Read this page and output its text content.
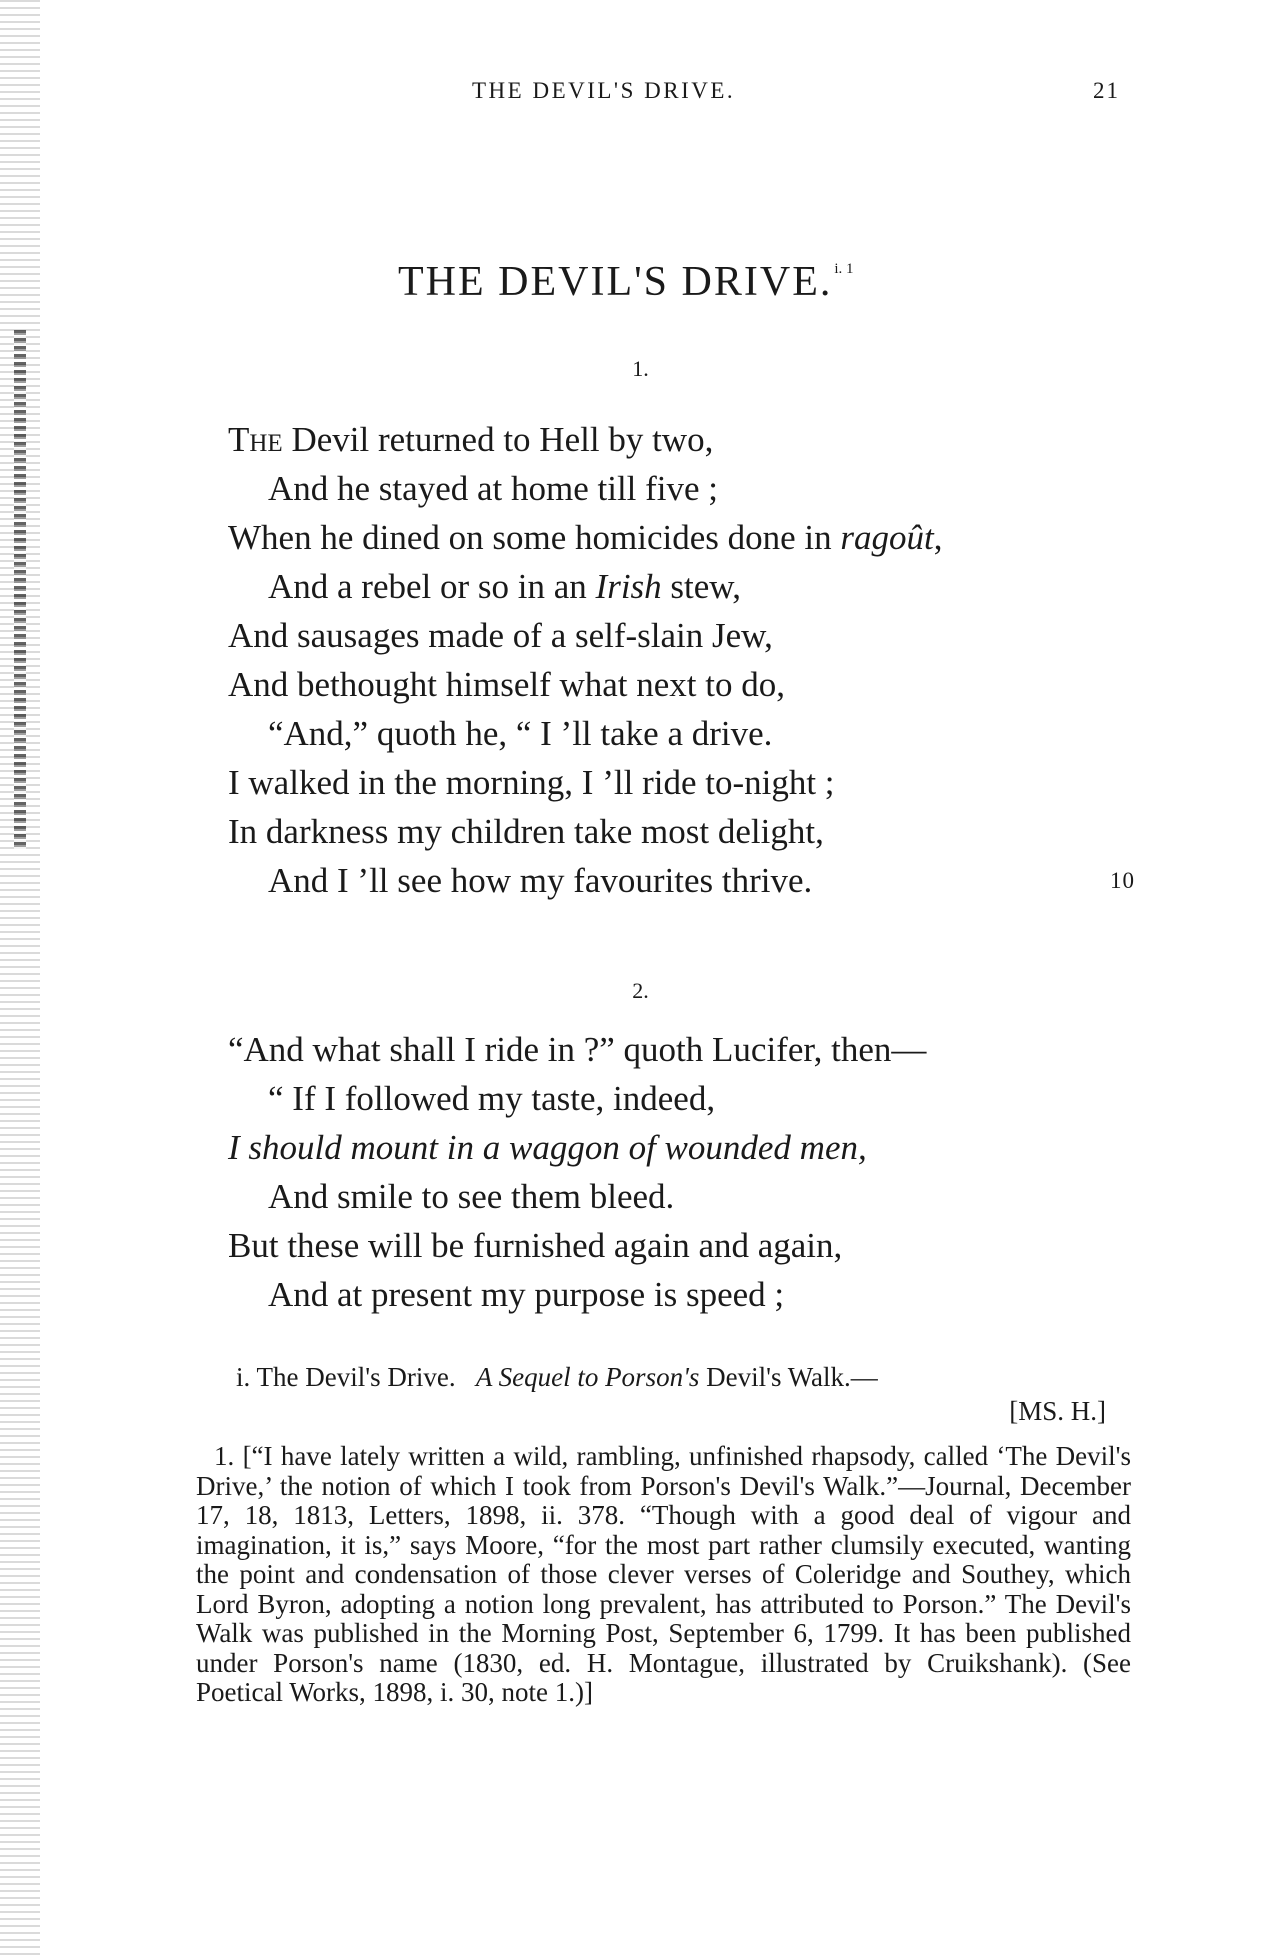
THE DEVIL'S DRIVE.	21
THE DEVIL'S DRIVE. $^{i. 1}$
1.
The Devil returned to Hell by two,
And he stayed at home till five ;
When he dined on some homicides done in ragoût,
And a rebel or so in an Irish stew,
And sausages made of a self-slain Jew,
And bethought himself what next to do,
“And,” quoth he, “ I ’ll take a drive.
I walked in the morning, I ’ll ride to-night ;
In darkness my children take most delight,
And I ’ll see how my favourites thrive.	10
2.
“And what shall I ride in ?” quoth Lucifer, then—
“ If I followed my taste, indeed,
I should mount in a waggon of wounded men,
And smile to see them bleed.
But these will be furnished again and again,
And at present my purpose is speed ;
i. The Devil's Drive. A Sequel to Porson's Devil's Walk.—
[MS. H.]

1. [“I have lately written a wild, rambling, unfinished rhapsody, called ‘The Devil's Drive,’ the notion of which I took from Porson's Devil's Walk.”—Journal, December 17, 18, 1813, Letters, 1898, ii. 378. “Though with a good deal of vigour and imagination, it is,” says Moore, “for the most part rather clumsily executed, wanting the point and condensation of those clever verses of Coleridge and Southey, which Lord Byron, adopting a notion long prevalent, has attributed to Porson.” The Devil's Walk was published in the Morning Post, September 6, 1799. It has been published under Porson's name (1830, ed. H. Montague, illustrated by Cruikshank). (See Poetical Works, 1898, i. 30, note 1.)]
